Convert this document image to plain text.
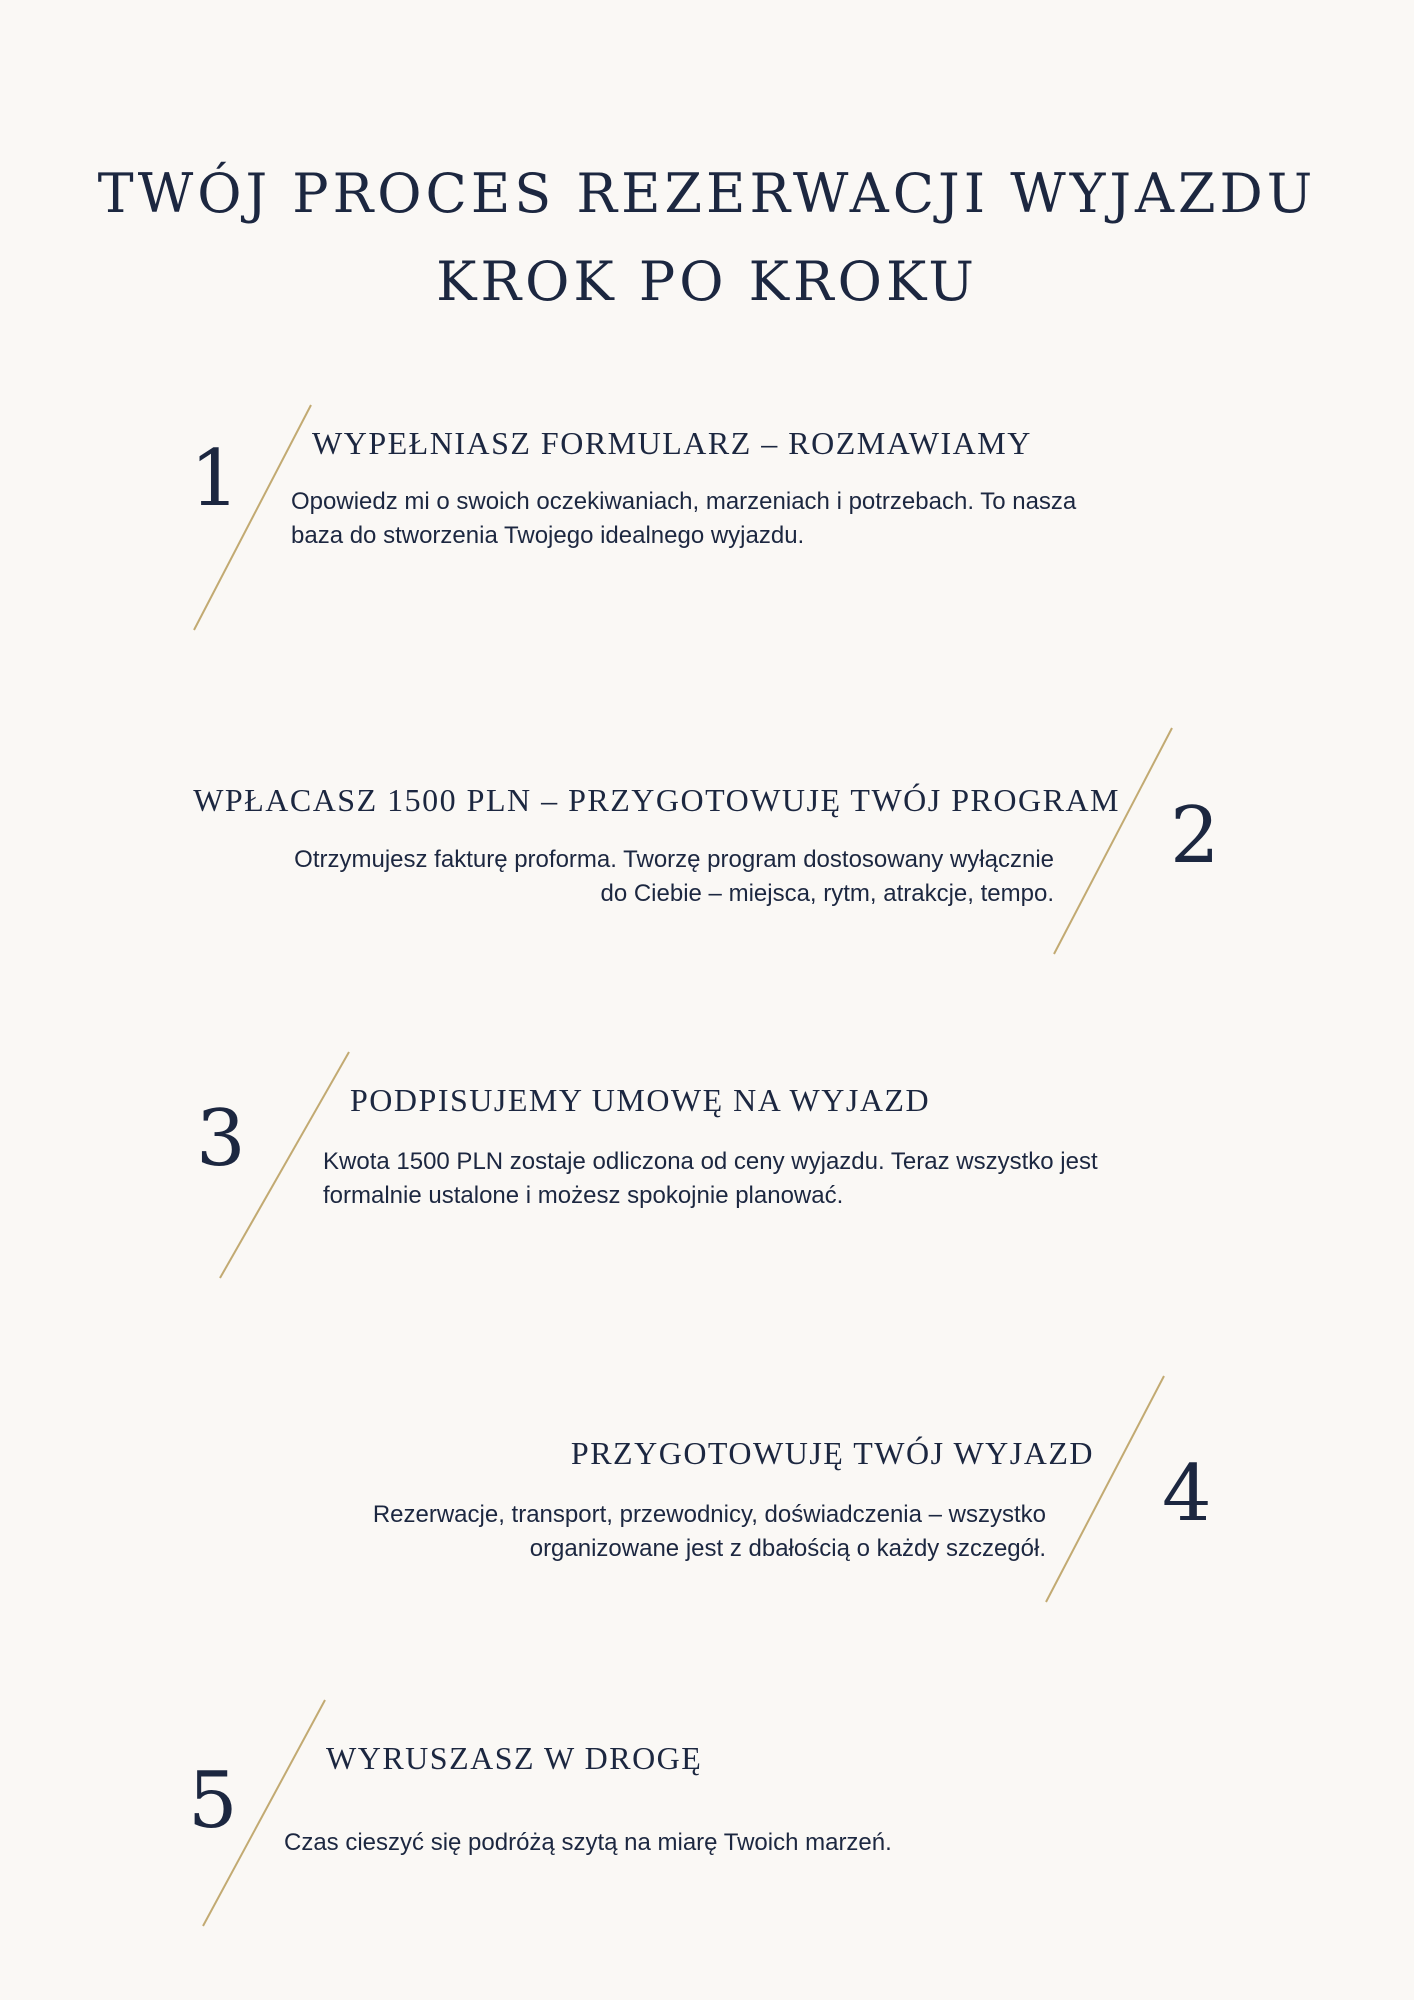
TWÓJ PROCES REZERWACJI WYJAZDU
KROK PO KROKU
1 WYPEŁNIASZ FORMULARZ – ROZMAWIAMY
Opowiedz mi o swoich oczekiwaniach, marzeniach i potrzebach. To nasza
baza do stworzenia Twojego idealnego wyjazdu.
2
WPŁACASZ 1500 PLN – PRZYGOTOWUJĘ TWÓJ PROGRAM
Otrzymujesz fakturę proforma. Tworzę program dostosowany wyłącznie
do Ciebie – miejsca, rytm, atrakcje, tempo.
3	PODPISUJEMY UMOWĘ NA WYJAZD
Kwota 1500 PLN zostaje odliczona od ceny wyjazdu. Teraz wszystko jest
formalnie ustalone i możesz spokojnie planować.
4
PRZYGOTOWUJĘ TWÓJ WYJAZD
Rezerwacje, transport, przewodnicy, doświadczenia – wszystko
organizowane jest z dbałością o każdy szczegół.
5	WYRUSZASZ W DROGĘ
Czas cieszyć się podróżą szytą na miarę Twoich marzeń.
